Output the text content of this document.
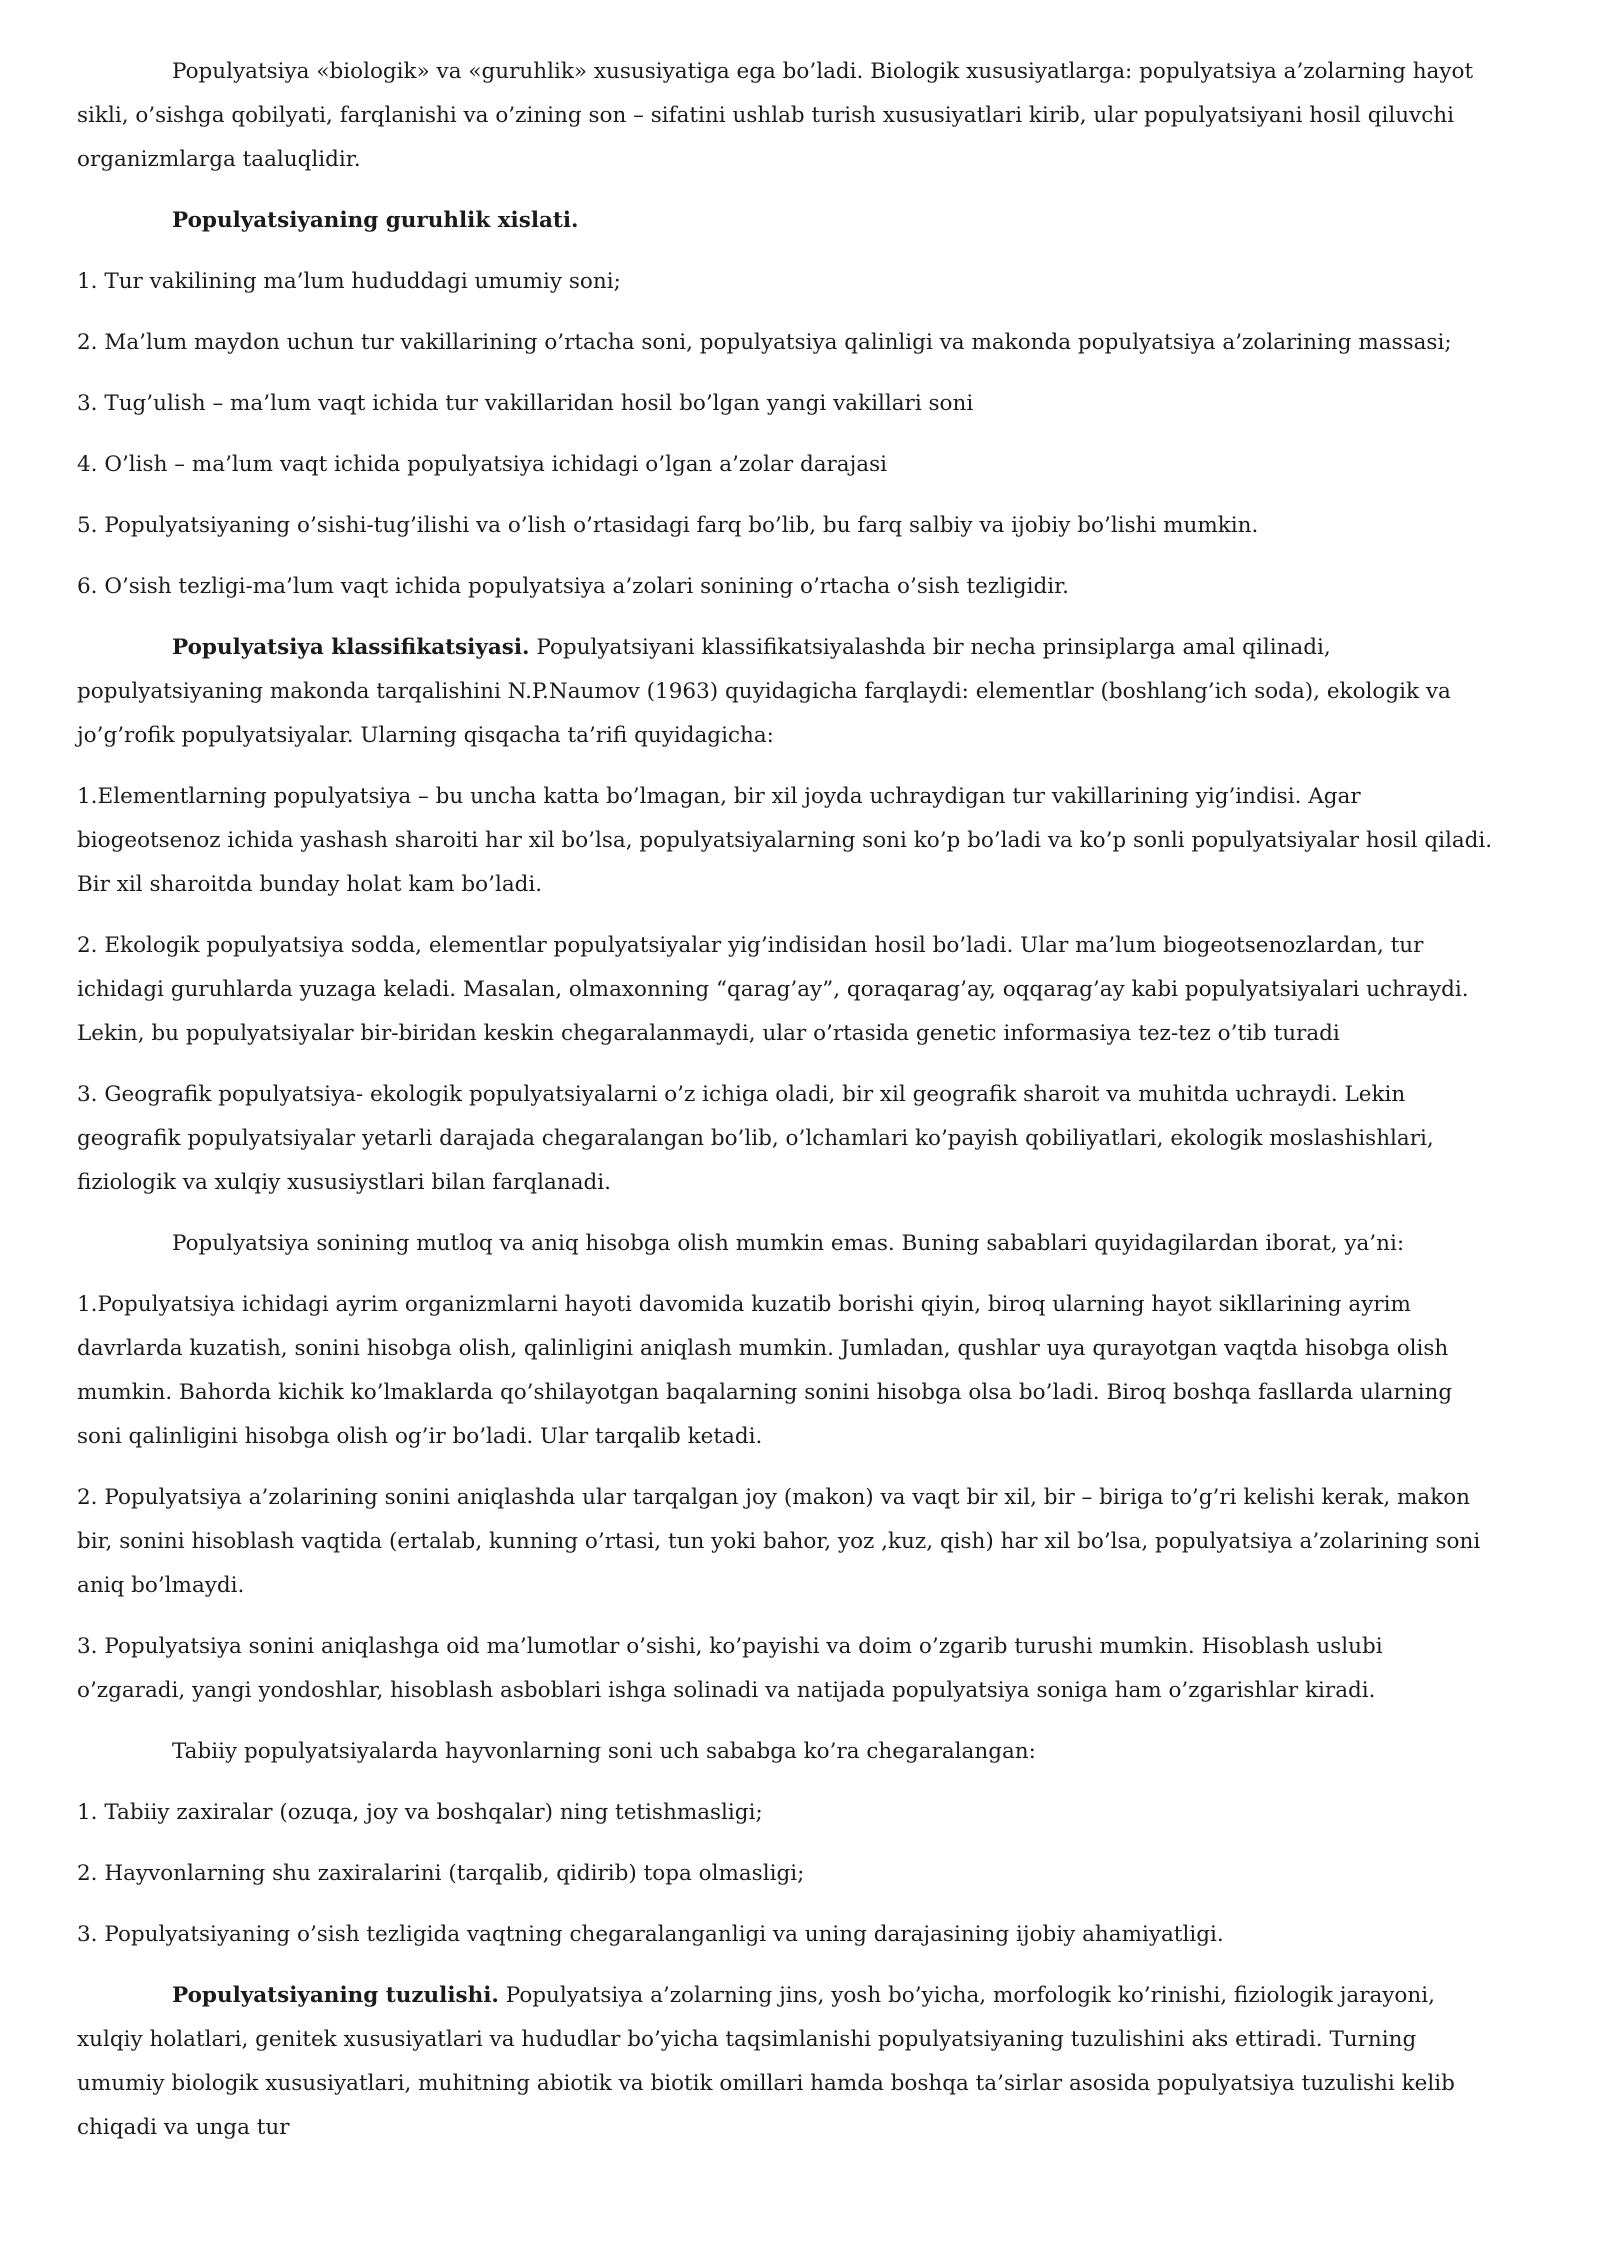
Populyatsiya «biologik» va «guruhlik» xususiyatiga ega bo’ladi. Biologik xususiyatlarga: populyatsiya a’zolarning hayot sikli, o’sishga qobilyati, farqlanishi va o’zining son – sifatini ushlab turish xususiyatlari kirib, ular populyatsiyani hosil qiluvchi organizmlarga taaluqlidir.

Populyatsiyaning guruhlik xislati.

1. Tur vakilining ma’lum hududdagi umumiy soni;

2. Ma’lum maydon uchun tur vakillarining o’rtacha soni, populyatsiya qalinligi va makonda populyatsiya a’zolarining massasi;

3. Tug’ulish – ma’lum vaqt ichida tur vakillaridan hosil bo’lgan yangi vakillari soni

4. O’lish – ma’lum vaqt ichida populyatsiya ichidagi o’lgan a’zolar darajasi

5. Populyatsiyaning o’sishi-tug’ilishi va o’lish o’rtasidagi farq bo’lib, bu farq salbiy va ijobiy bo’lishi mumkin.

6. O’sish tezligi-ma’lum vaqt ichida populyatsiya a’zolari sonining o’rtacha o’sish tezligidir.

Populyatsiya klassifikatsiyasi. Populyatsiyani klassifikatsiyalashda bir necha prinsiplarga amal qilinadi, populyatsiyaning makonda tarqalishini N.P.Naumov (1963) quyidagicha farqlaydi: elementlar (boshlang’ich soda), ekologik va jo’g’rofik populyatsiyalar. Ularning qisqacha ta’rifi quyidagicha:

1.Elementlarning populyatsiya – bu uncha katta bo’lmagan, bir xil joyda uchraydigan tur vakillarining yig’indisi. Agar biogeotsenoz ichida yashash sharoiti har xil bo’lsa, populyatsiyalarning soni ko’p bo’ladi va ko’p sonli populyatsiyalar hosil qiladi. Bir xil sharoitda bunday holat kam bo’ladi.

2. Ekologik populyatsiya sodda, elementlar populyatsiyalar yig’indisidan hosil bo’ladi. Ular ma’lum biogeotsenozlardan, tur ichidagi guruhlarda yuzaga keladi. Masalan, olmaxonning “qarag’ay”, qoraqarag’ay, oqqarag’ay kabi populyatsiyalari uchraydi. Lekin, bu populyatsiyalar bir-biridan keskin chegaralanmaydi, ular o’rtasida genetic informasiya tez-tez o’tib turadi

3. Geografik populyatsiya- ekologik populyatsiyalarni o’z ichiga oladi, bir xil geografik sharoit va muhitda uchraydi. Lekin geografik populyatsiyalar yetarli darajada chegaralangan bo’lib, o’lchamlari ko’payish qobiliyatlari, ekologik moslashishlari, fiziologik va xulqiy xususiystlari bilan farqlanadi.

Populyatsiya sonining mutloq va aniq hisobga olish mumkin emas. Buning sabablari quyidagilardan iborat, ya’ni:

1.Populyatsiya ichidagi ayrim organizmlarni hayoti davomida kuzatib borishi qiyin, biroq ularning hayot sikllarining ayrim davrlarda kuzatish, sonini hisobga olish, qalinligini aniqlash mumkin. Jumladan, qushlar uya qurayotgan vaqtda hisobga olish mumkin. Bahorda kichik ko’lmaklarda qo’shilayotgan baqalarning sonini hisobga olsa bo’ladi. Biroq boshqa fasllarda ularning soni qalinligini hisobga olish og’ir bo’ladi. Ular tarqalib ketadi.

2. Populyatsiya a’zolarining sonini aniqlashda ular tarqalgan joy (makon) va vaqt bir xil, bir – biriga to’g’ri kelishi kerak, makon bir, sonini hisoblash vaqtida (ertalab, kunning o’rtasi, tun yoki bahor, yoz ,kuz, qish) har xil bo’lsa, populyatsiya a’zolarining soni aniq bo’lmaydi.

3. Populyatsiya sonini aniqlashga oid ma’lumotlar o’sishi, ko’payishi va doim o’zgarib turushi mumkin. Hisoblash uslubi o’zgaradi, yangi yondoshlar, hisoblash asboblari ishga solinadi va natijada populyatsiya soniga ham o’zgarishlar kiradi.

Tabiiy populyatsiyalarda hayvonlarning soni uch sababga ko’ra chegaralangan:

1. Tabiiy zaxiralar (ozuqa, joy va boshqalar) ning tetishmasligi;

2. Hayvonlarning shu zaxiralarini (tarqalib, qidirib) topa olmasligi;

3. Populyatsiyaning o’sish tezligida vaqtning chegaralanganligi va uning darajasining ijobiy ahamiyatligi.

Populyatsiyaning tuzulishi. Populyatsiya a’zolarning jins, yosh bo’yicha, morfologik ko’rinishi, fiziologik jarayoni, xulqiy holatlari, genitek xususiyatlari va hududlar bo’yicha taqsimlanishi populyatsiyaning tuzulishini aks ettiradi. Turning umumiy biologik xususiyatlari, muhitning abiotik va biotik omillari hamda boshqa ta’sirlar asosida populyatsiya tuzulishi kelib chiqadi va unga tur
